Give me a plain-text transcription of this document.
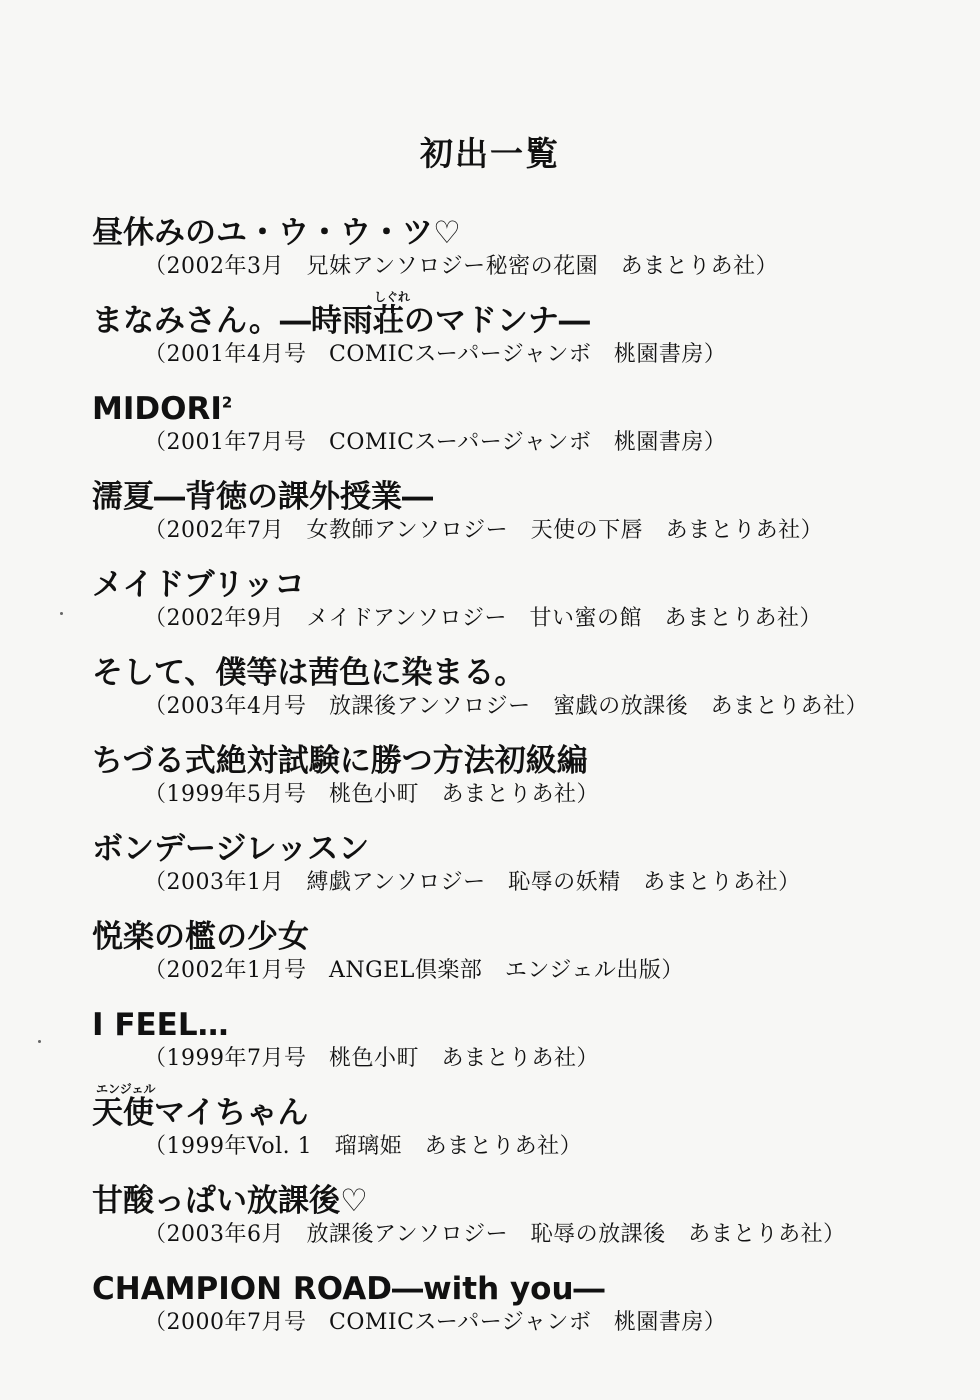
初出一覧
昼休みのユ・ウ・ウ・ツ♡
（2002年3月　兄妹アンソロジー秘密の花園　あまとりあ社）
しぐれ
まなみさん。―時雨荘のマドンナ―
（2001年4月号　COMICスーパージャンボ　桃園書房）
MIDORI$^2$
（2001年7月号　COMICスーパージャンボ　桃園書房）
濡夏―背徳の課外授業―
（2002年7月　女教師アンソロジー　天使の下唇　あまとりあ社）
メイドブリッコ
（2002年9月　メイドアンソロジー　甘い蜜の館　あまとりあ社）
そして、僕等は茜色に染まる。
（2003年4月号　放課後アンソロジー　蜜戯の放課後　あまとりあ社）
ちづる式絶対試験に勝つ方法初級編
（1999年5月号　桃色小町　あまとりあ社）
ボンデージレッスン
（2003年1月　縛戯アンソロジー　恥辱の妖精　あまとりあ社）
悦楽の檻の少女
（2002年1月号　ANGEL倶楽部　エンジェル出版）
I FEEL…
（1999年7月号　桃色小町　あまとりあ社）
エンジェル
天使マイちゃん
（1999年Vol. 1　瑠璃姫　あまとりあ社）
甘酸っぱい放課後♡
（2003年6月　放課後アンソロジー　恥辱の放課後　あまとりあ社）
CHAMPION ROAD―with you―
（2000年7月号　COMICスーパージャンボ　桃園書房）
